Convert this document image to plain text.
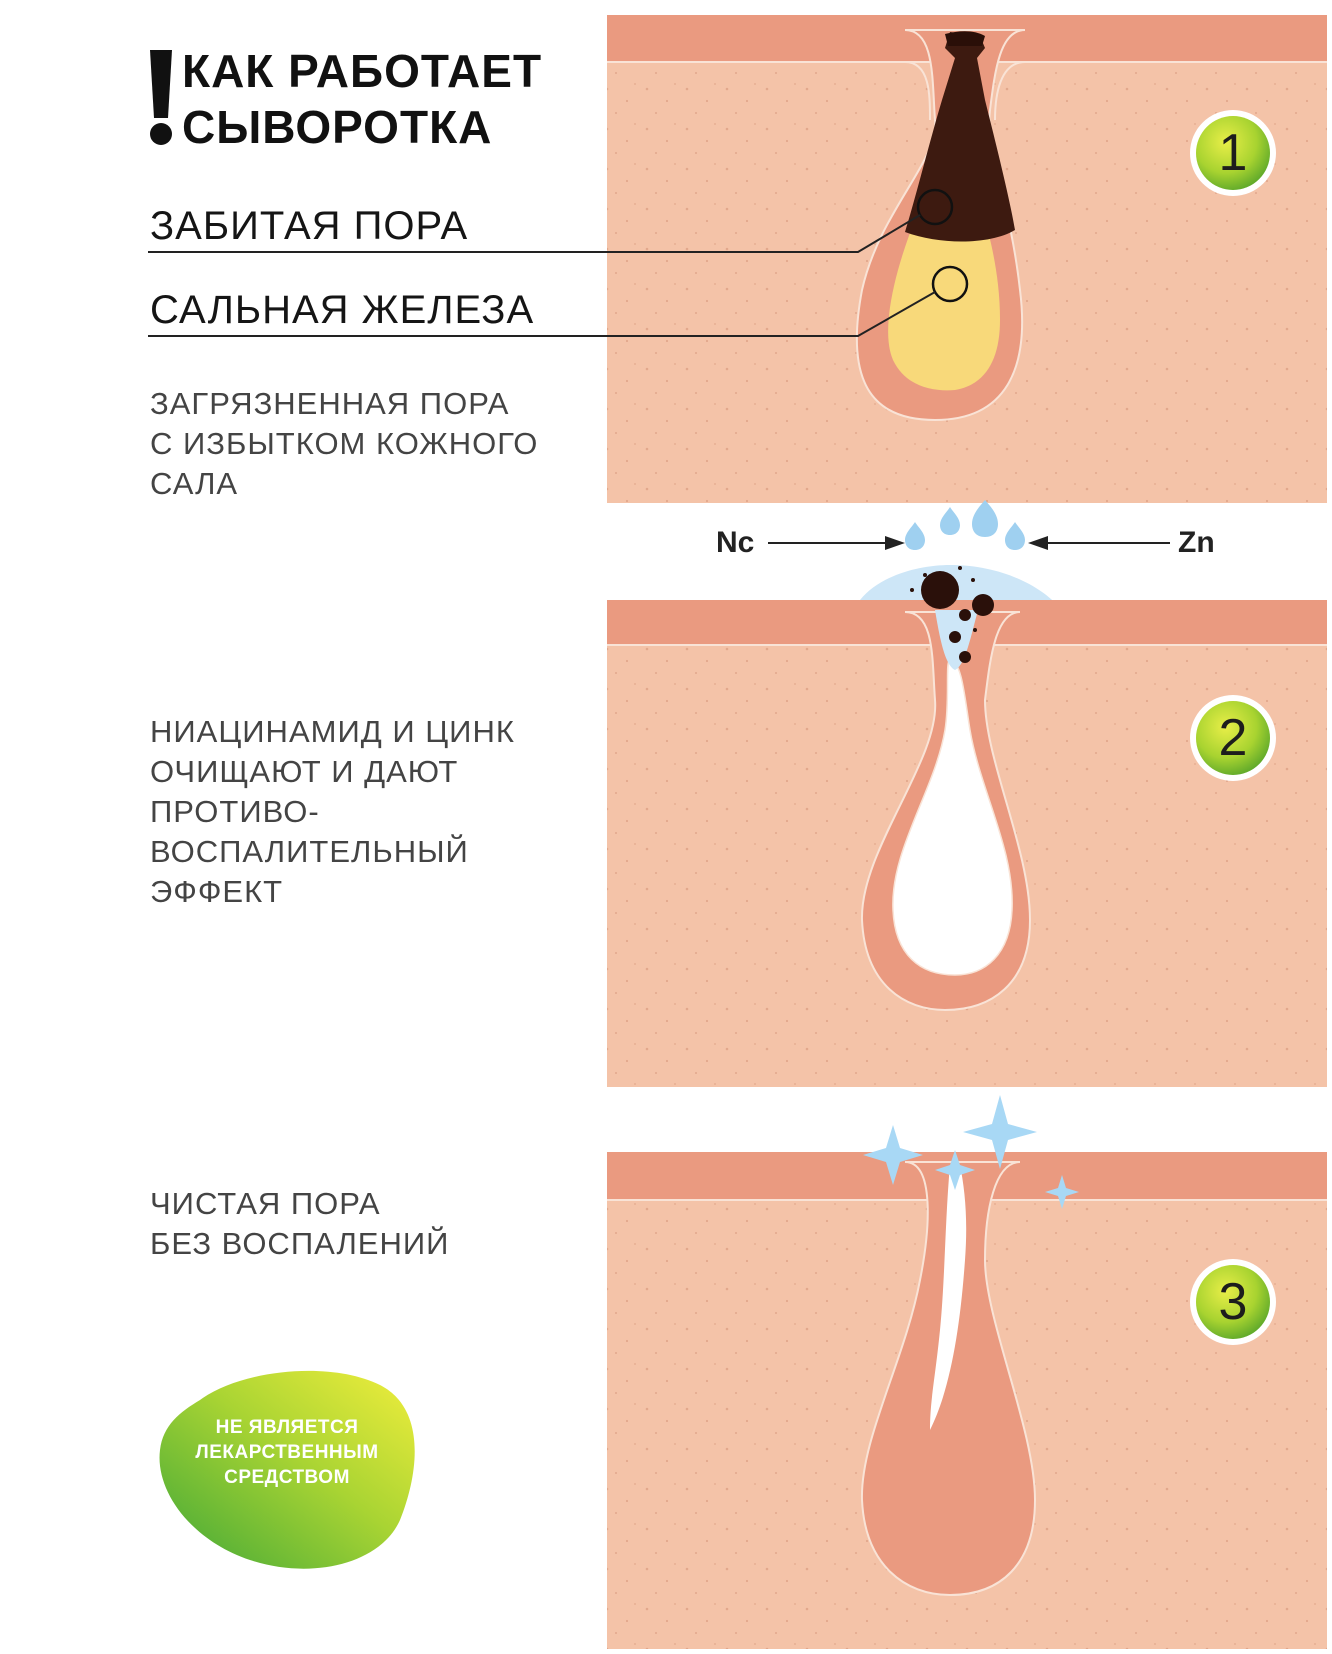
КАК РАБОТАЕТ
СЫВОРОТКА
ЗАБИТАЯ ПОРА
САЛЬНАЯ ЖЕЛЕЗА
ЗАГРЯЗНЕННАЯ ПОРА
С ИЗБЫТКОМ КОЖНОГО
САЛА
НИАЦИНАМИД И ЦИНК
ОЧИЩАЮТ И ДАЮТ
ПРОТИВО-
ВОСПАЛИТЕЛЬНЫЙ
ЭФФЕКТ
ЧИСТАЯ ПОРА
БЕЗ ВОСПАЛЕНИЙ
Nc	Zn
1
2
3
НЕ ЯВЛЯЕТСЯ
ЛЕКАРСТВЕННЫМ
СРЕДСТВОМ
